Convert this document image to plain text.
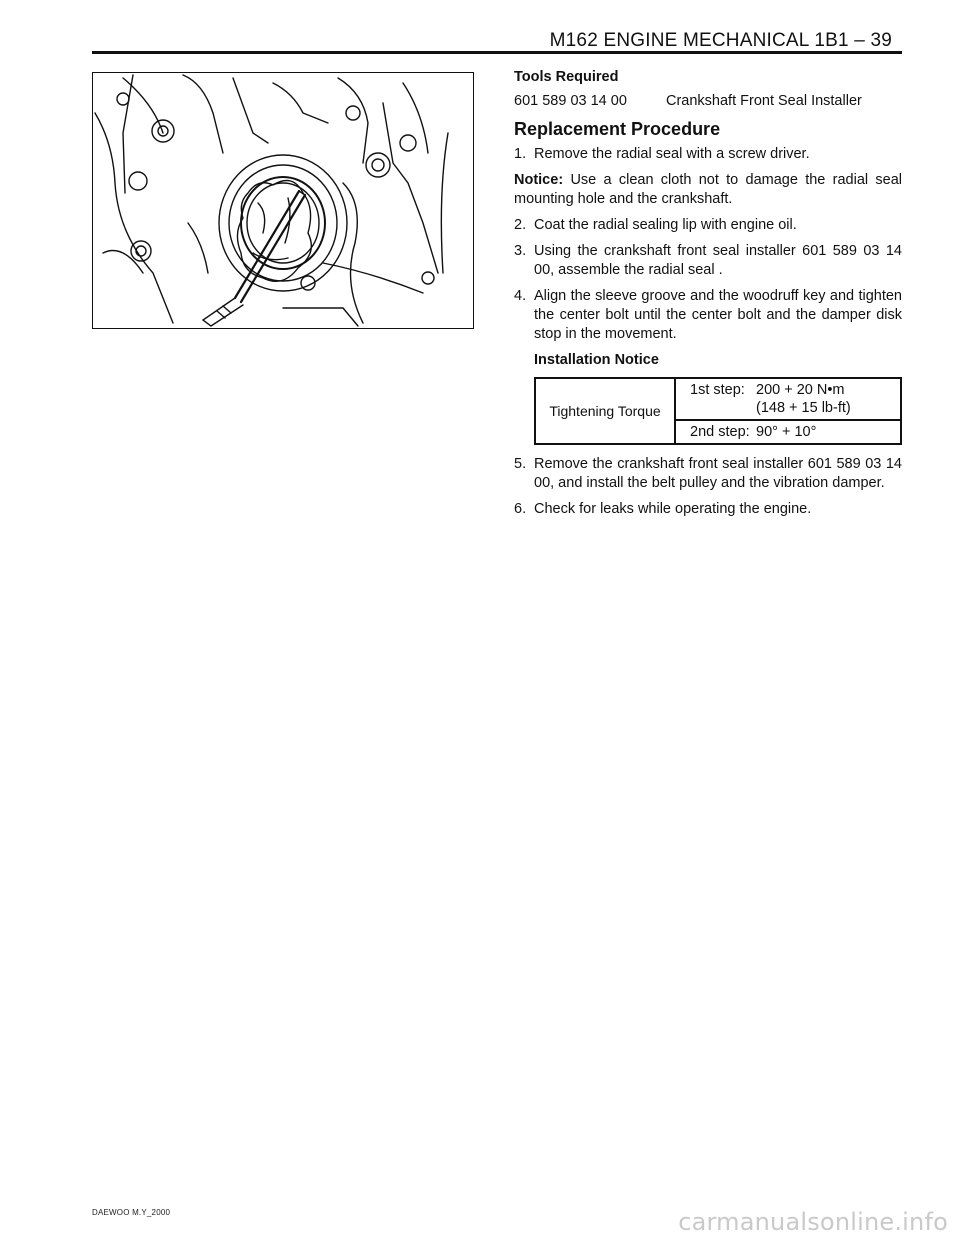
M162 ENGINE MECHANICAL 1B1 – 39

Tools Required

601 589 03 14 00	Crankshaft Front Seal Installer

Replacement Procedure

1. Remove the radial seal with a screw driver.

Notice: Use a clean cloth not to damage the radial seal mounting hole and the crankshaft.

2. Coat the radial sealing lip with engine oil.
3. Using the crankshaft front seal installer 601 589 03 14 00, assemble the radial seal .
4. Align the sleeve groove and the woodruff key and tighten the center bolt until the center bolt and the damper disk stop in the movement.

Installation Notice

Tightening Torque	
1st step: 200 + 20 N•m
(148 + 15 lb-ft)

2nd step: 90° + 10°
5. Remove the crankshaft front seal installer 601 589 03 14 00, and install the belt pulley and the vibration damper.
6. Check for leaks while operating the engine.
DAEWOO M.Y_2000	carmanualsonline.info
